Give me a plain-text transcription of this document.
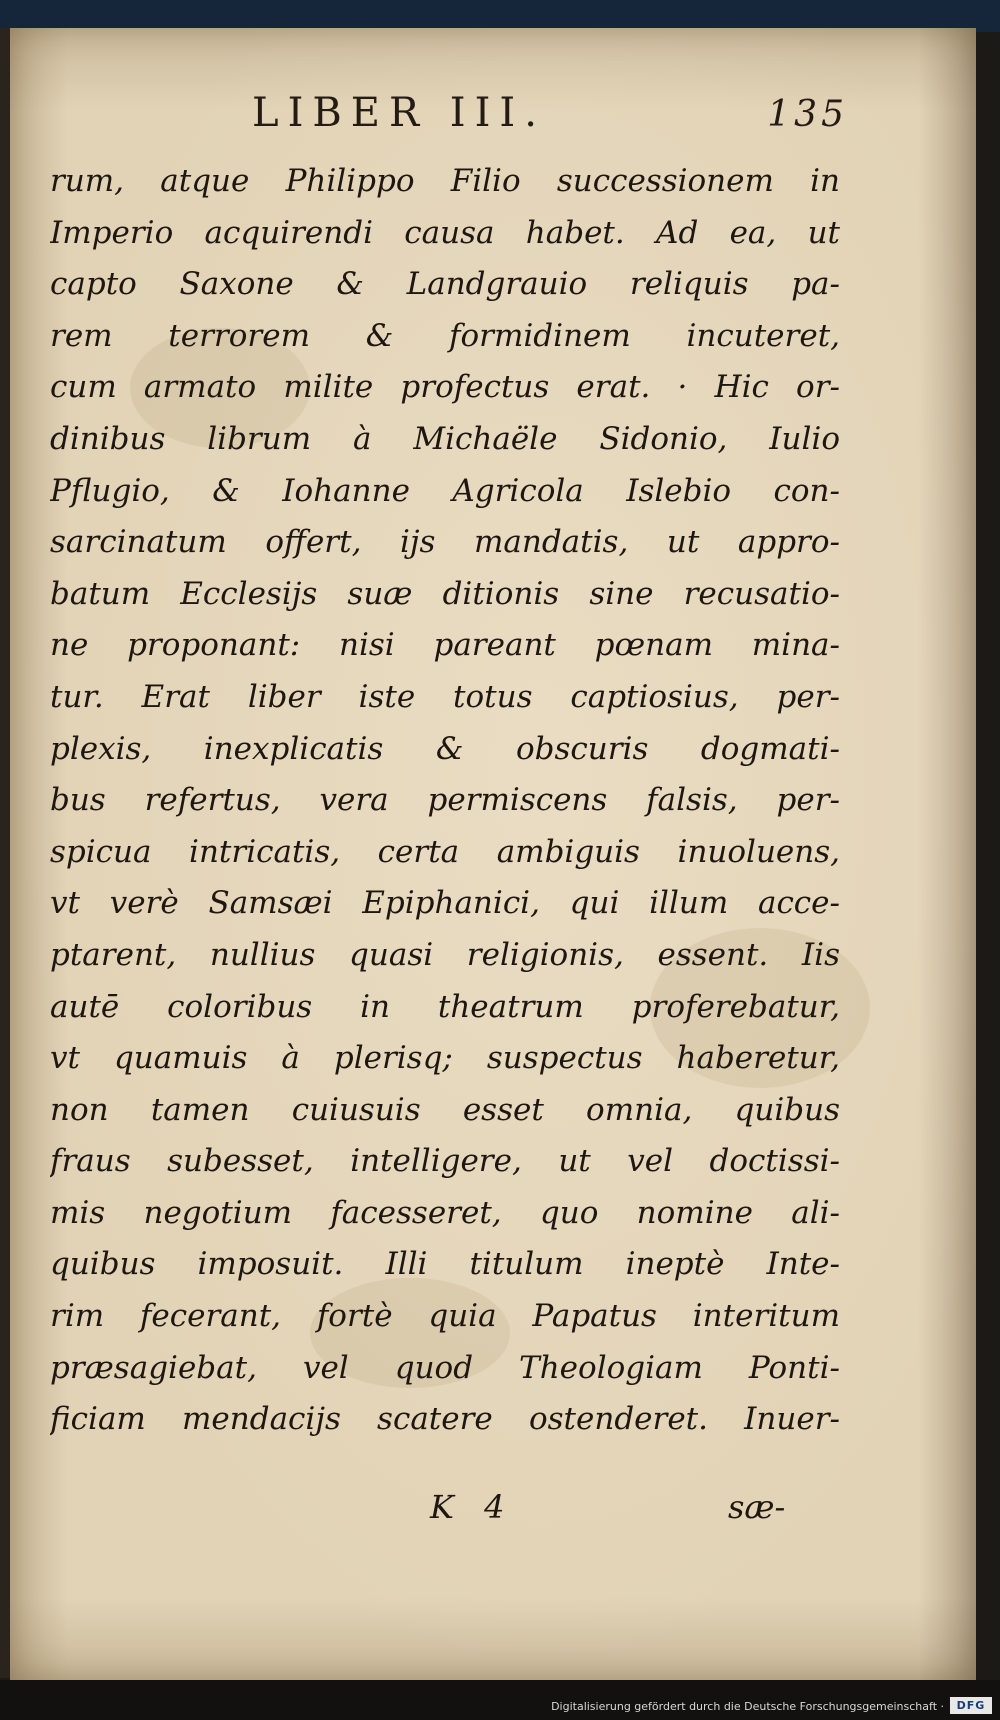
LIBER III.	135
rum, atque Philippo Filio successionem in
Imperio acquirendi causa habet. Ad ea, ut
capto Saxone & Landgrauio reliquis pa-
rem terrorem & formidinem incuteret,
cum armato milite profectus erat. · Hic or-
dinibus librum à Michaële Sidonio, Iulio
Pflugio, & Iohanne Agricola Islebio con-
sarcinatum offert, ijs mandatis, ut appro-
batum Ecclesijs suæ ditionis sine recusatio-
ne proponant: nisi pareant pœnam mina-
tur. Erat liber iste totus captiosius, per-
plexis, inexplicatis & obscuris dogmati-
bus refertus, vera permiscens falsis, per-
spicua intricatis, certa ambiguis inuoluens,
vt verè Samsæi Epiphanici, qui illum acce-
ptarent, nullius quasi religionis, essent. Iis
autē coloribus in theatrum proferebatur,
vt quamuis à plerisq; suspectus haberetur,
non tamen cuiusuis esset omnia, quibus
fraus subesset, intelligere, ut vel doctissi-
mis negotium facesseret, quo nomine ali-
quibus imposuit. Illi titulum ineptè Inte-
rim fecerant, fortè quia Papatus interitum
præsagiebat, vel quod Theologiam Ponti-
ficiam mendacijs scatere ostenderet. Inuer-
K 4	sæ-
Digitalisierung gefördert durch die Deutsche Forschungsgemeinschaft ·	DFG
